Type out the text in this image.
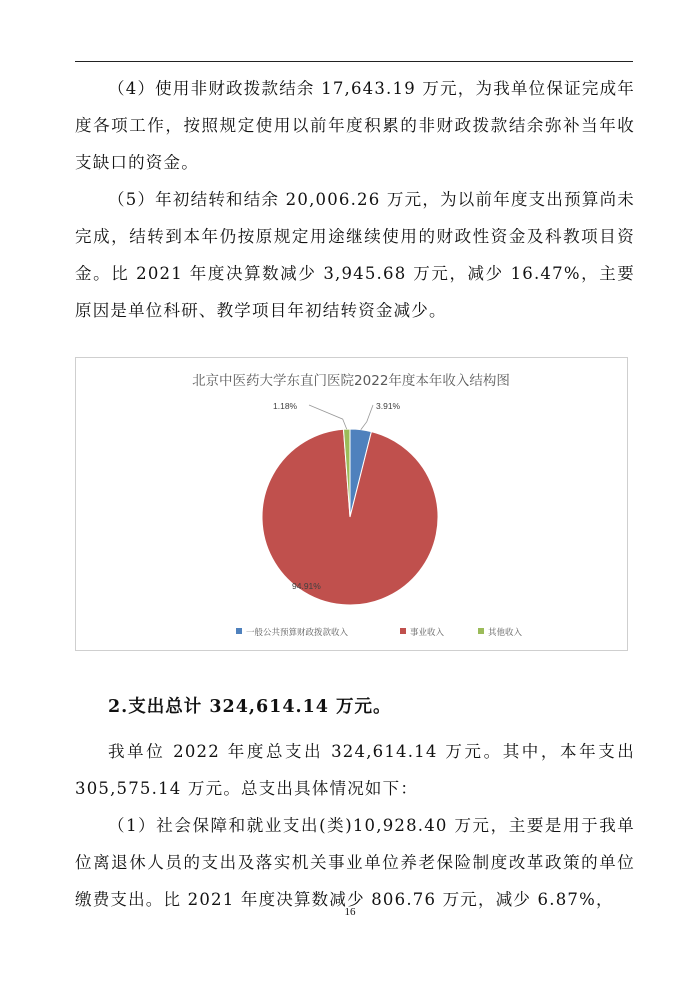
（4）使用非财政拨款结余 17,643.19 万元，为我单位保证完成年度各项工作，按照规定使用以前年度积累的非财政拨款结余弥补当年收支缺口的资金。

（5）年初结转和结余 20,006.26 万元，为以前年度支出预算尚未完成，结转到本年仍按原规定用途继续使用的财政性资金及科教项目资金。比 2021 年度决算数减少 3,945.68 万元，减少 16.47%，主要原因是单位科研、教学项目年初结转资金减少。

北京中医药大学东直门医院2022年度本年收入结构图
3.91%
94.91%
1.18%
一般公共预算财政拨款收入	事业收入	其他收入

2.支出总计 324,614.14 万元。

我单位 2022 年度总支出 324,614.14 万元。其中，本年支出 305,575.14 万元。总支出具体情况如下：

（1）社会保障和就业支出(类)10,928.40 万元，主要是用于我单位离退休人员的支出及落实机关事业单位养老保险制度改革政策的单位缴费支出。比 2021 年度决算数减少 806.76 万元，减少 6.87%，

16
